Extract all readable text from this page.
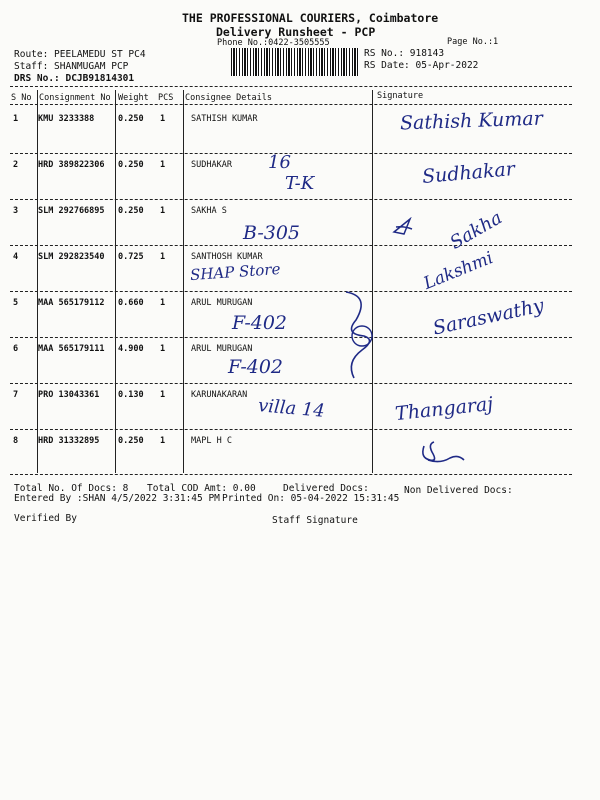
THE PROFESSIONAL COURIERS, Coimbatore
Delivery Runsheet - PCP
Phone No.:0422-3505555	Page No.:1
Route: PEELAMEDU ST PC4
Staff: SHANMUGAM PCP
DRS No.: DCJB91814301
RS No.: 918143
RS Date: 05-Apr-2022
S No Consignment No Weight PCS Consignee Details	Signature
1 KMU 3233388	0.250 1	SATHISH KUMAR	Sathish Kumar
2 HRD 389822306 0.250 1	SUDHAKAR 16
T-K	Sudhakar
3 SLM 292766895 0.250 1	SAKHA S
B-305	Sakha
4 SLM 292823540 0.725 1	SANTHOSH KUMAR
SHAP Store	Lakshmi
5 MAA 565179112 0.660 1	ARUL MURUGAN
F-402	Saraswathy
6 MAA 565179111 4.900 1	ARUL MURUGAN
F-402
7 PRO 13043361 0.130 1	KARUNAKARAN
villa 14	Thangaraj
8 HRD 31332895 0.250 1	MAPL H C
Total No. Of Docs: 8 Total COD Amt: 0.00	Delivered Docs:	Non Delivered Docs:
Entered By :SHAN 4/5/2022 3:31:45 PM Printed On: 05-04-2022 15:31:45
Verified By	Staff Signature
